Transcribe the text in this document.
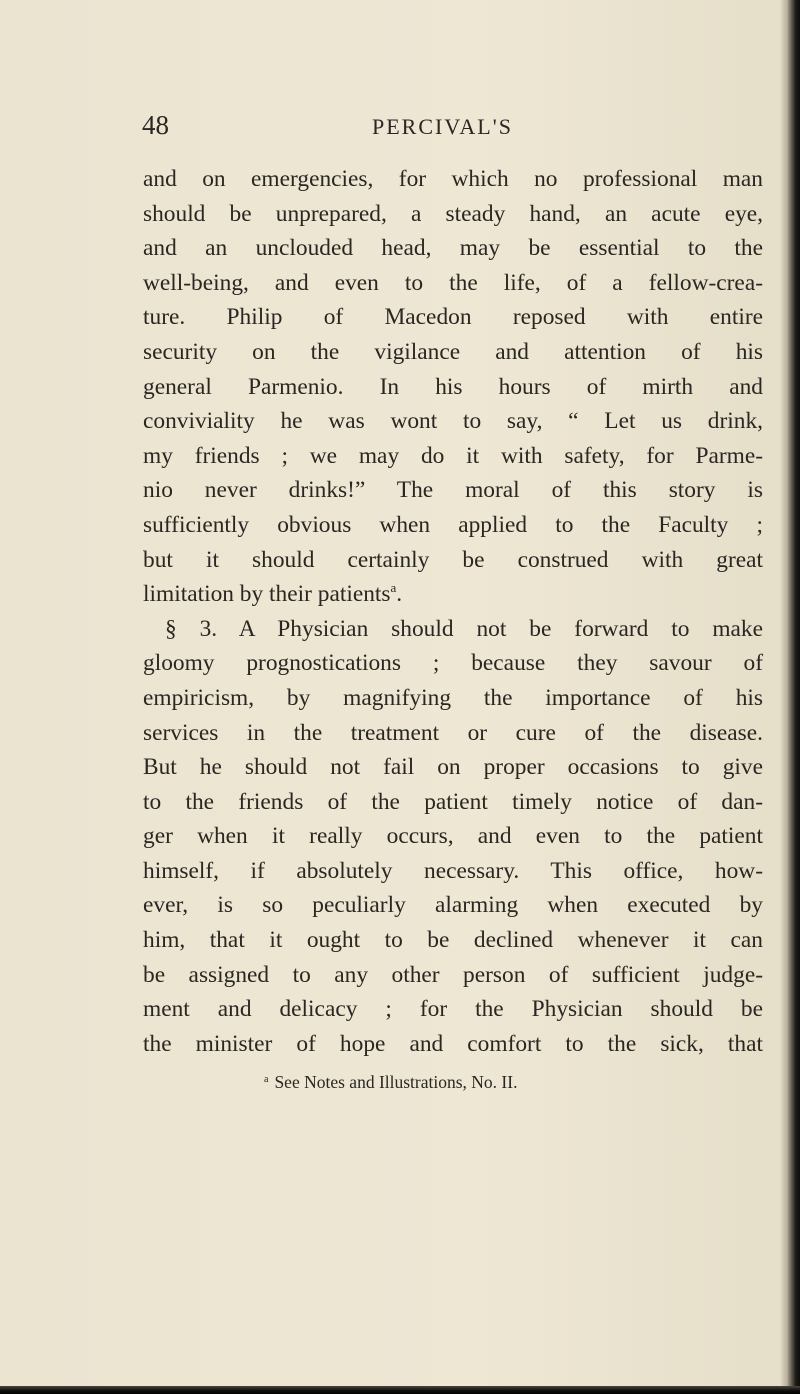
48	PERCIVAL'S
and on emergencies, for which no professional man
should be unprepared, a steady hand, an acute eye,
and an unclouded head, may be essential to the
well-being, and even to the life, of a fellow-crea-
ture. Philip of Macedon reposed with entire
security on the vigilance and attention of his
general Parmenio. In his hours of mirth and
conviviality he was wont to say, “ Let us drink,
my friends ; we may do it with safety, for Parme-
nio never drinks!” The moral of this story is
sufficiently obvious when applied to the Faculty ;
but it should certainly be construed with great
limitation by their patients$^a$.
§ 3. A Physician should not be forward to make
gloomy prognostications ; because they savour of
empiricism, by magnifying the importance of his
services in the treatment or cure of the disease.
But he should not fail on proper occasions to give
to the friends of the patient timely notice of dan-
ger when it really occurs, and even to the patient
himself, if absolutely necessary. This office, how-
ever, is so peculiarly alarming when executed by
him, that it ought to be declined whenever it can
be assigned to any other person of sufficient judge-
ment and delicacy ; for the Physician should be
the minister of hope and comfort to the sick, that
$^a$ See Notes and Illustrations, No. II.
